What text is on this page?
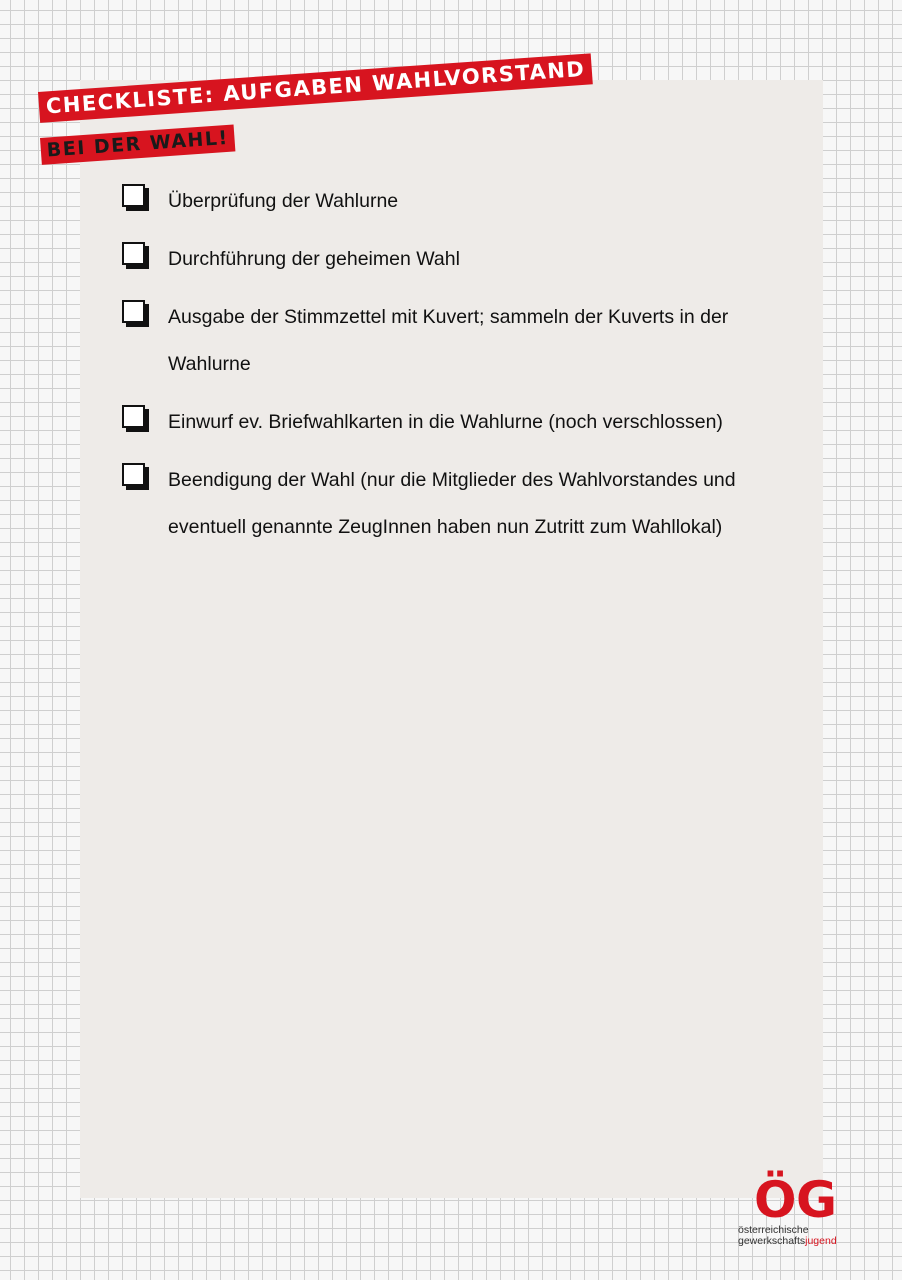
CHECKLISTE: AUFGABEN WAHLVORSTAND
BEI DER WAHL!
Überprüfung der Wahlurne
Durchführung der geheimen Wahl
Ausgabe der Stimmzettel mit Kuvert; sammeln der Kuverts in der Wahlurne
Einwurf ev. Briefwahlkarten in die Wahlurne (noch verschlossen)
Beendigung der Wahl (nur die Mitglieder des Wahlvorstandes und eventuell genannte ZeugInnen haben nun Zutritt zum Wahllokal)
Ö G
österreichische
gewerkschaftsjugend
